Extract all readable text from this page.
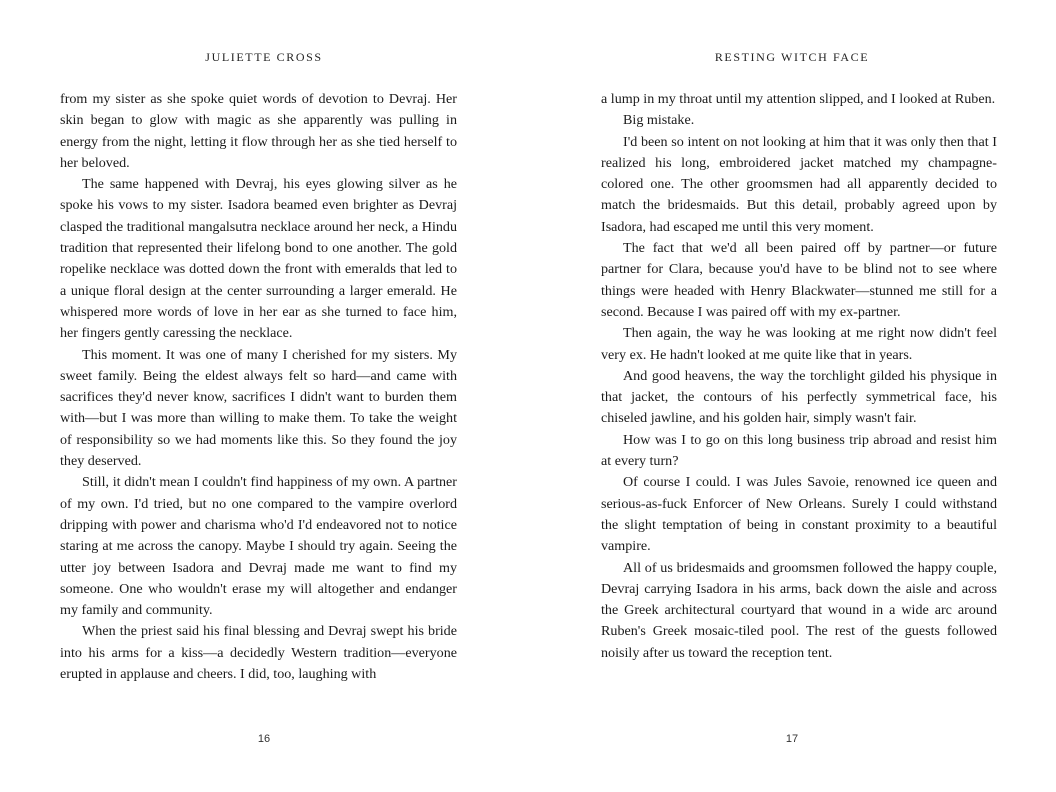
JULIETTE CROSS

from my sister as she spoke quiet words of devotion to Devraj. Her skin began to glow with magic as she apparently was pulling in energy from the night, letting it flow through her as she tied herself to her beloved.

The same happened with Devraj, his eyes glowing silver as he spoke his vows to my sister. Isadora beamed even brighter as Devraj clasped the traditional mangalsutra necklace around her neck, a Hindu tradition that represented their lifelong bond to one another. The gold ropelike necklace was dotted down the front with emeralds that led to a unique floral design at the center surrounding a larger emerald. He whispered more words of love in her ear as she turned to face him, her fingers gently caressing the necklace.

This moment. It was one of many I cherished for my sisters. My sweet family. Being the eldest always felt so hard—and came with sacrifices they'd never know, sacrifices I didn't want to burden them with—but I was more than willing to make them. To take the weight of responsibility so we had moments like this. So they found the joy they deserved.

Still, it didn't mean I couldn't find happiness of my own. A partner of my own. I'd tried, but no one compared to the vampire overlord dripping with power and charisma who'd I'd endeavored not to notice staring at me across the canopy. Maybe I should try again. Seeing the utter joy between Isadora and Devraj made me want to find my someone. One who wouldn't erase my will altogether and endanger my family and community.

When the priest said his final blessing and Devraj swept his bride into his arms for a kiss—a decidedly Western tradition—everyone erupted in applause and cheers. I did, too, laughing with

16
RESTING WITCH FACE

a lump in my throat until my attention slipped, and I looked at Ruben.

Big mistake.

I'd been so intent on not looking at him that it was only then that I realized his long, embroidered jacket matched my champagne-colored one. The other groomsmen had all apparently decided to match the bridesmaids. But this detail, probably agreed upon by Isadora, had escaped me until this very moment.

The fact that we'd all been paired off by partner—or future partner for Clara, because you'd have to be blind not to see where things were headed with Henry Blackwater—stunned me still for a second. Because I was paired off with my ex-partner.

Then again, the way he was looking at me right now didn't feel very ex. He hadn't looked at me quite like that in years.

And good heavens, the way the torchlight gilded his physique in that jacket, the contours of his perfectly symmetrical face, his chiseled jawline, and his golden hair, simply wasn't fair.

How was I to go on this long business trip abroad and resist him at every turn?

Of course I could. I was Jules Savoie, renowned ice queen and serious-as-fuck Enforcer of New Orleans. Surely I could withstand the slight temptation of being in constant proximity to a beautiful vampire.

All of us bridesmaids and groomsmen followed the happy couple, Devraj carrying Isadora in his arms, back down the aisle and across the Greek architectural courtyard that wound in a wide arc around Ruben's Greek mosaic-tiled pool. The rest of the guests followed noisily after us toward the reception tent.

17
